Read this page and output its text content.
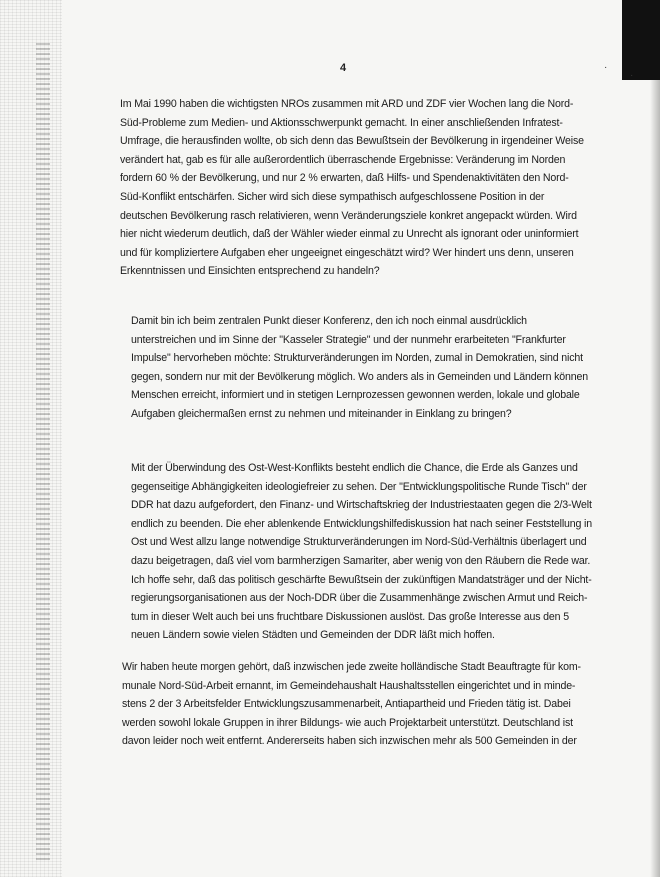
·
·
4

Im Mai 1990 haben die wichtigsten NROs zusammen mit ARD und ZDF vier Wochen lang die Nord-
Süd-Probleme zum Medien- und Aktionsschwerpunkt gemacht. In einer anschließenden Infratest-
Umfrage, die herausfinden wollte, ob sich denn das Bewußtsein der Bevölkerung in irgendeiner Weise
verändert hat, gab es für alle außerordentlich überraschende Ergebnisse: Veränderung im Norden
fordern 60 % der Bevölkerung, und nur 2 % erwarten, daß Hilfs- und Spendenaktivitäten den Nord-
Süd-Konflikt entschärfen. Sicher wird sich diese sympathisch aufgeschlossene Position in der
deutschen Bevölkerung rasch relativieren, wenn Veränderungsziele konkret angepackt würden. Wird
hier nicht wiederum deutlich, daß der Wähler wieder einmal zu Unrecht als ignorant oder uninformiert
und für kompliziertere Aufgaben eher ungeeignet eingeschätzt wird? Wer hindert uns denn, unseren
Erkenntnissen und Einsichten entsprechend zu handeln?

Damit bin ich beim zentralen Punkt dieser Konferenz, den ich noch einmal ausdrücklich
unterstreichen und im Sinne der "Kasseler Strategie" und der nunmehr erarbeiteten "Frankfurter
Impulse" hervorheben möchte: Strukturveränderungen im Norden, zumal in Demokratien, sind nicht
gegen, sondern nur mit der Bevölkerung möglich. Wo anders als in Gemeinden und Ländern können
Menschen erreicht, informiert und in stetigen Lernprozessen gewonnen werden, lokale und globale
Aufgaben gleichermaßen ernst zu nehmen und miteinander in Einklang zu bringen?

Mit der Überwindung des Ost-West-Konflikts besteht endlich die Chance, die Erde als Ganzes und
gegenseitige Abhängigkeiten ideologiefreier zu sehen. Der "Entwicklungspolitische Runde Tisch" der
DDR hat dazu aufgefordert, den Finanz- und Wirtschaftskrieg der Industriestaaten gegen die 2/3-Welt
endlich zu beenden. Die eher ablenkende Entwicklungshilfediskussion hat nach seiner Feststellung in
Ost und West allzu lange notwendige Strukturveränderungen im Nord-Süd-Verhältnis überlagert und
dazu beigetragen, daß viel vom barmherzigen Samariter, aber wenig von den Räubern die Rede war.
Ich hoffe sehr, daß das politisch geschärfte Bewußtsein der zukünftigen Mandatsträger und der Nicht-
regierungsorganisationen aus der Noch-DDR über die Zusammenhänge zwischen Armut und Reich-
tum in dieser Welt auch bei uns fruchtbare Diskussionen auslöst. Das große Interesse aus den 5
neuen Ländern sowie vielen Städten und Gemeinden der DDR läßt mich hoffen.

Wir haben heute morgen gehört, daß inzwischen jede zweite holländische Stadt Beauftragte für kom-
munale Nord-Süd-Arbeit ernannt, im Gemeindehaushalt Haushaltsstellen eingerichtet und in minde-
stens 2 der 3 Arbeitsfelder Entwicklungszusammenarbeit, Antiapartheid und Frieden tätig ist. Dabei
werden sowohl lokale Gruppen in ihrer Bildungs- wie auch Projektarbeit unterstützt. Deutschland ist
davon leider noch weit entfernt. Andererseits haben sich inzwischen mehr als 500 Gemeinden in der
